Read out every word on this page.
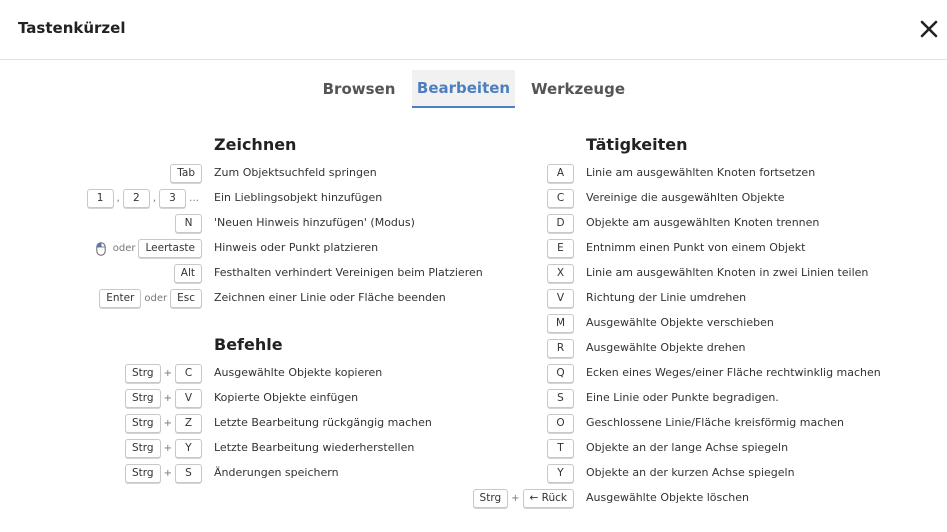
Tastenkürzel
Browsen	Bearbeiten	Werkzeuge
Zeichnen
Befehle
Tätigkeiten
Tab	Zum Objektsuchfeld springen
1	,	2	,	3	… Ein Lieblingsobjekt hinzufügen
N	'Neuen Hinweis hinzufügen' (Modus)
oder Leertaste	Hinweis oder Punkt platzieren
Alt	Festhalten verhindert Vereinigen beim Platzieren
Enter	oder Esc	Zeichnen einer Linie oder Fläche beenden
Strg	+	C	Ausgewählte Objekte kopieren
Strg	+	V	Kopierte Objekte einfügen
Strg	+	Z	Letzte Bearbeitung rückgängig machen
Strg	+	Y	Letzte Bearbeitung wiederherstellen
Strg	+	S	Änderungen speichern
A	Linie am ausgewählten Knoten fortsetzen
C	Vereinige die ausgewählten Objekte
D	Objekte am ausgewählten Knoten trennen
E	Entnimm einen Punkt von einem Objekt
X	Linie am ausgewählten Knoten in zwei Linien teilen
V	Richtung der Linie umdrehen
M	Ausgewählte Objekte verschieben
R	Ausgewählte Objekte drehen
Q	Ecken eines Weges/einer Fläche rechtwinklig machen
S	Eine Linie oder Punkte begradigen.
O	Geschlossene Linie/Fläche kreisförmig machen
T	Objekte an der lange Achse spiegeln
Y	Objekte an der kurzen Achse spiegeln
Strg	+ ← Rück	Ausgewählte Objekte löschen
